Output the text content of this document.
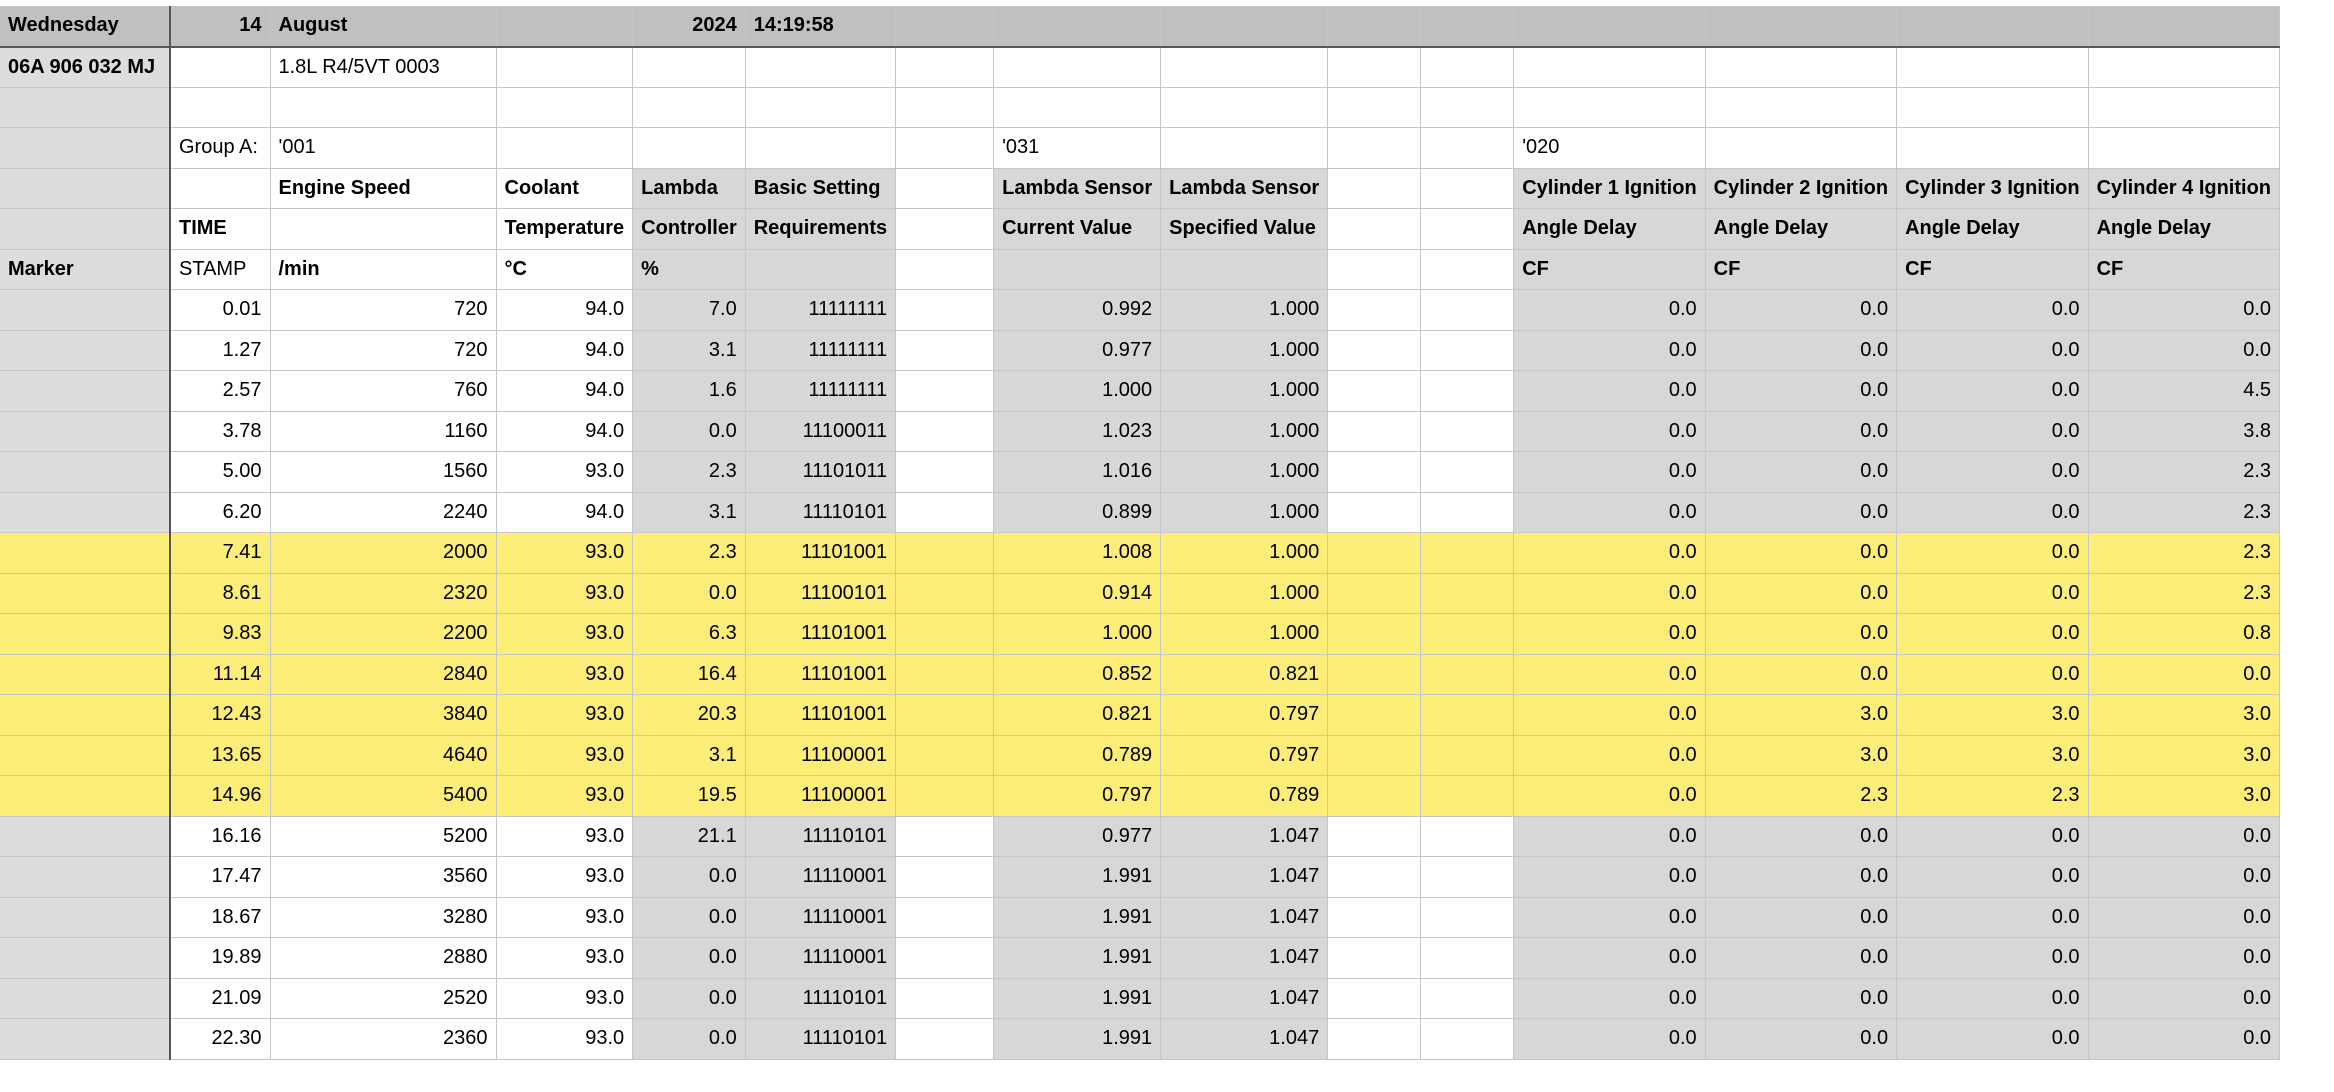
Wednesday	14	August		2024	14:19:58									
06A 906 032 MJ		1.8L R4/5VT 0003												

	Group A:	'001					'031				'020			
		Engine Speed	Coolant	Lambda	Basic Setting		Lambda Sensor	Lambda Sensor			Cylinder 1 Ignition	Cylinder 2 Ignition	Cylinder 3 Ignition	Cylinder 4 Ignition
	TIME		Temperature	Controller	Requirements		Current Value	Specified Value			Angle Delay	Angle Delay	Angle Delay	Angle Delay
Marker	STAMP	/min	°C	%							CF	CF	CF	CF
	0.01	720	94.0	7.0	11111111		0.992	1.000			0.0	0.0	0.0	0.0
	1.27	720	94.0	3.1	11111111		0.977	1.000			0.0	0.0	0.0	0.0
	2.57	760	94.0	1.6	11111111		1.000	1.000			0.0	0.0	0.0	4.5
	3.78	1160	94.0	0.0	11100011		1.023	1.000			0.0	0.0	0.0	3.8
	5.00	1560	93.0	2.3	11101011		1.016	1.000			0.0	0.0	0.0	2.3
	6.20	2240	94.0	3.1	11110101		0.899	1.000			0.0	0.0	0.0	2.3
	7.41	2000	93.0	2.3	11101001		1.008	1.000			0.0	0.0	0.0	2.3
	8.61	2320	93.0	0.0	11100101		0.914	1.000			0.0	0.0	0.0	2.3
	9.83	2200	93.0	6.3	11101001		1.000	1.000			0.0	0.0	0.0	0.8
	11.14	2840	93.0	16.4	11101001		0.852	0.821			0.0	0.0	0.0	0.0
	12.43	3840	93.0	20.3	11101001		0.821	0.797			0.0	3.0	3.0	3.0
	13.65	4640	93.0	3.1	11100001		0.789	0.797			0.0	3.0	3.0	3.0
	14.96	5400	93.0	19.5	11100001		0.797	0.789			0.0	2.3	2.3	3.0
	16.16	5200	93.0	21.1	11110101		0.977	1.047			0.0	0.0	0.0	0.0
	17.47	3560	93.0	0.0	11110001		1.991	1.047			0.0	0.0	0.0	0.0
	18.67	3280	93.0	0.0	11110001		1.991	1.047			0.0	0.0	0.0	0.0
	19.89	2880	93.0	0.0	11110001		1.991	1.047			0.0	0.0	0.0	0.0
	21.09	2520	93.0	0.0	11110101		1.991	1.047			0.0	0.0	0.0	0.0
	22.30	2360	93.0	0.0	11110101		1.991	1.047			0.0	0.0	0.0	0.0
